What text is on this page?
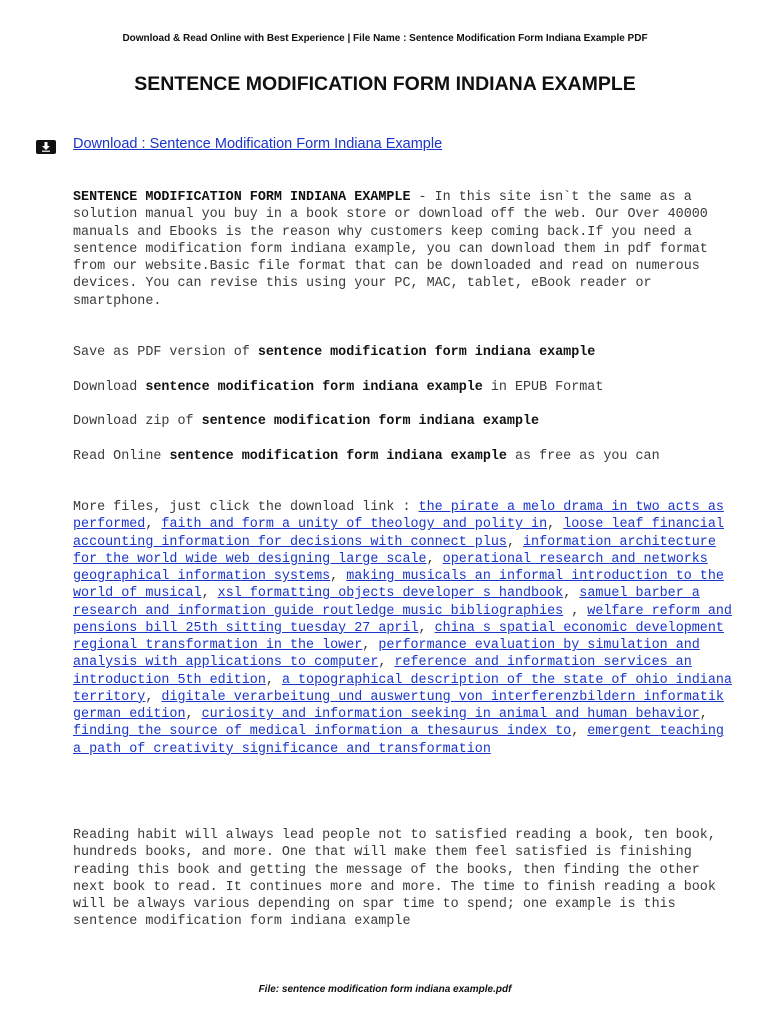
Download & Read Online with Best Experience | File Name : Sentence Modification Form Indiana Example PDF
SENTENCE MODIFICATION FORM INDIANA EXAMPLE
Download : Sentence Modification Form Indiana Example

SENTENCE MODIFICATION FORM INDIANA EXAMPLE - In this site isn`t the same as a solution manual you buy in a book store or download off the web. Our Over 40000 manuals and Ebooks is the reason why customers keep coming back.If you need a sentence modification form indiana example, you can download them in pdf format from our website.Basic file format that can be downloaded and read on numerous devices. You can revise this using your PC, MAC, tablet, eBook reader or smartphone.

Save as PDF version of sentence modification form indiana example

Download sentence modification form indiana example in EPUB Format

Download zip of sentence modification form indiana example

Read Online sentence modification form indiana example as free as you can

More files, just click the download link : the pirate a melo drama in two acts as performed, faith and form a unity of theology and polity in, loose leaf financial accounting information for decisions with connect plus, information architecture for the world wide web designing large scale, operational research and networks geographical information systems, making musicals an informal introduction to the world of musical, xsl formatting objects developer s handbook, samuel barber a research and information guide routledge music bibliographies , welfare reform and pensions bill 25th sitting tuesday 27 april, china s spatial economic development regional transformation in the lower, performance evaluation by simulation and analysis with applications to computer, reference and information services an introduction 5th edition, a topographical description of the state of ohio indiana territory, digitale verarbeitung und auswertung von interferenzbildern informatik german edition, curiosity and information seeking in animal and human behavior, finding the source of medical information a thesaurus index to, emergent teaching a path of creativity significance and transformation

Reading habit will always lead people not to satisfied reading a book, ten book, hundreds books, and more. One that will make them feel satisfied is finishing reading this book and getting the message of the books, then finding the other next book to read. It continues more and more. The time to finish reading a book will be always various depending on spar time to spend; one example is this sentence modification form indiana example

File: sentence modification form indiana example.pdf
